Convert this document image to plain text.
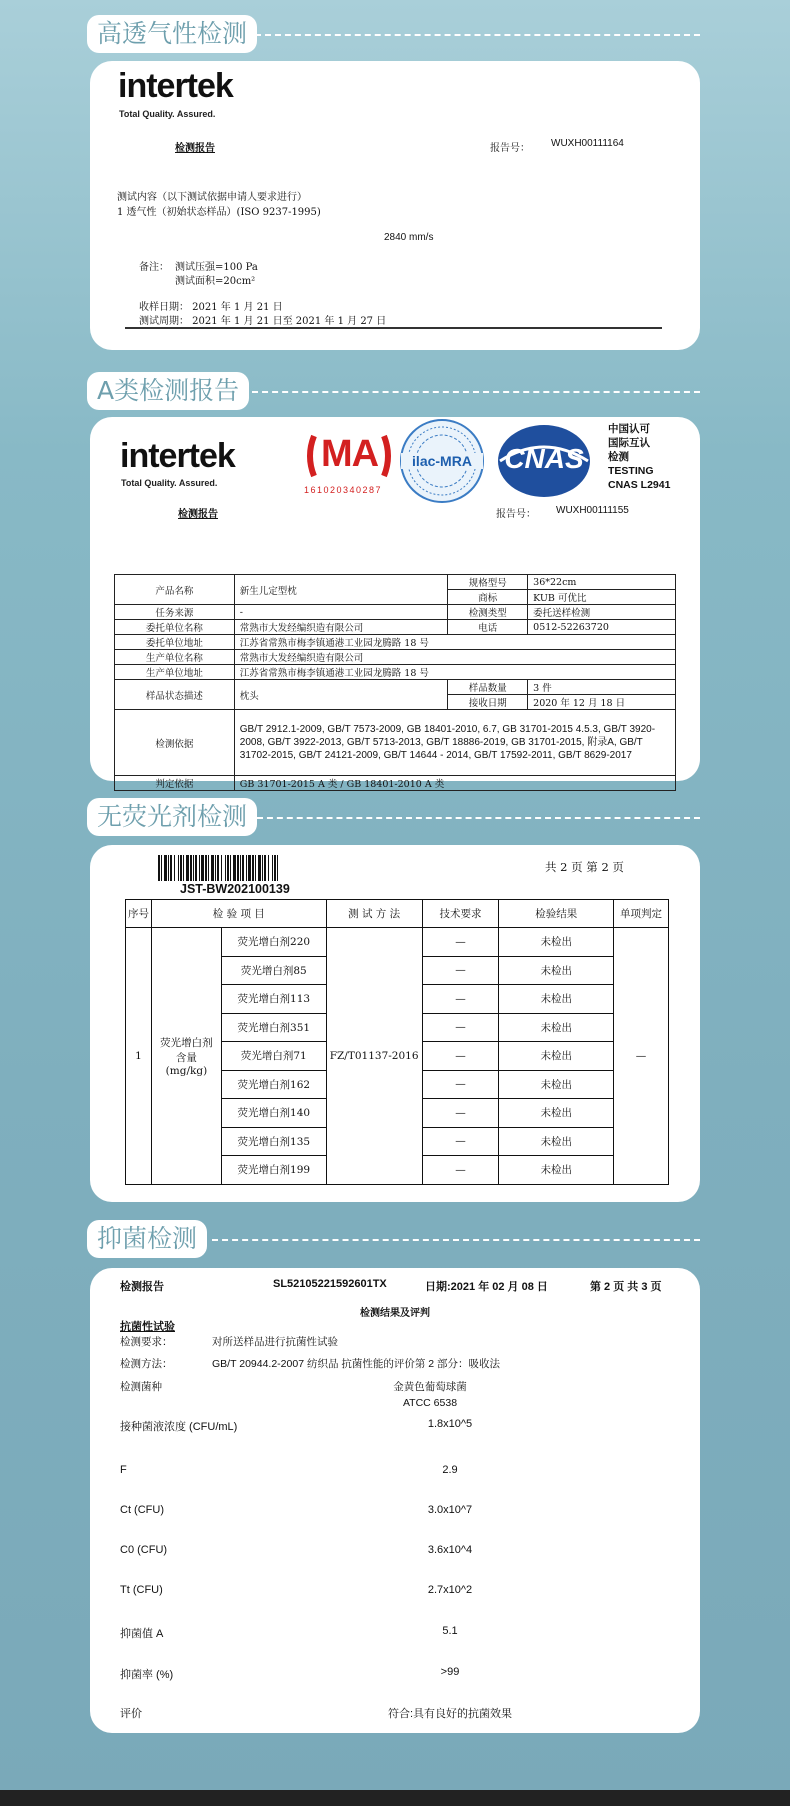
高透气性检测
intertek
Total Quality. Assured.
检测报告	报告号： WUXH00111164
测试内容（以下测试依据申请人要求进行）
1 透气性（初始状态样品）(ISO 9237-1995)
2840 mm/s
备注： 测试压强=100 Pa
测试面积=20cm²
收样日期： 2021 年 1 月 21 日
测试周期： 2021 年 1 月 21 日至 2021 年 1 月 27 日
A类检测报告
intertek
Total Quality. Assured.
MA
161020340287
ilac-MRA	CNAS
中国认可
国际互认
检测
TESTING
CNAS L2941
检测报告	报告号： WUXH00111155
产品名称	新生儿定型枕	规格型号	36*22cm
		商标	KUB 可优比
任务来源	-	检测类型	委托送样检测
委托单位名称	常熟市大发经编织造有限公司	电话	0512-52263720
委托单位地址	江苏省常熟市梅李镇通港工业园龙腾路 18 号		
生产单位名称	常熟市大发经编织造有限公司		
生产单位地址	江苏省常熟市梅李镇通港工业园龙腾路 18 号		
样品状态描述	枕头	样品数量	3 件
		接收日期	2020 年 12 月 18 日
检测依据	GB/T 2912.1-2009, GB/T 7573-2009, GB 18401-2010, 6.7, GB 31701-2015 4.5.3, GB/T 3920-2008, GB/T 3922-2013, GB/T 5713-2013, GB/T 18886-2019, GB 31701-2015, 附录A, GB/T 31702-2015, GB/T 24121-2009, GB/T 14644 - 2014, GB/T 17592-2011, GB/T 8629-2017		
判定依据	GB 31701-2015 A 类 / GB 18401-2010 A 类		
无荧光剂检测
JST-BW202100139
共 2 页 第 2 页
序号	检 验 项 目		测 试 方 法	技术要求	检验结果	单项判定
1	荧光增白剂含量(mg/kg)	荧光增白剂220	FZ/T01137-2016	—	未检出	—
		荧光增白剂85		—	未检出	
		荧光增白剂113		—	未检出	
		荧光增白剂351		—	未检出	
		荧光增白剂71		—	未检出	
		荧光增白剂162		—	未检出	
		荧光增白剂140		—	未检出	
		荧光增白剂135		—	未检出	
		荧光增白剂199		—	未检出	
抑菌检测
检测报告	SL52105221592601TX	日期:2021 年 02 月 08 日	第 2 页 共 3 页
检测结果及评判
抗菌性试验
检测要求：	对所送样品进行抗菌性试验
检测方法：	GB/T 20944.2-2007 纺织品 抗菌性能的评价第 2 部分：吸收法
检测菌种	金黄色葡萄球菌
ATCC 6538
接种菌液浓度 (CFU/mL)	1.8x10^5
F	2.9
Ct (CFU)	3.0x10^7
C0 (CFU)	3.6x10^4
Tt (CFU)	2.7x10^2
抑菌值 A	5.1
抑菌率 (%)	>99
评价	符合:具有良好的抗菌效果
